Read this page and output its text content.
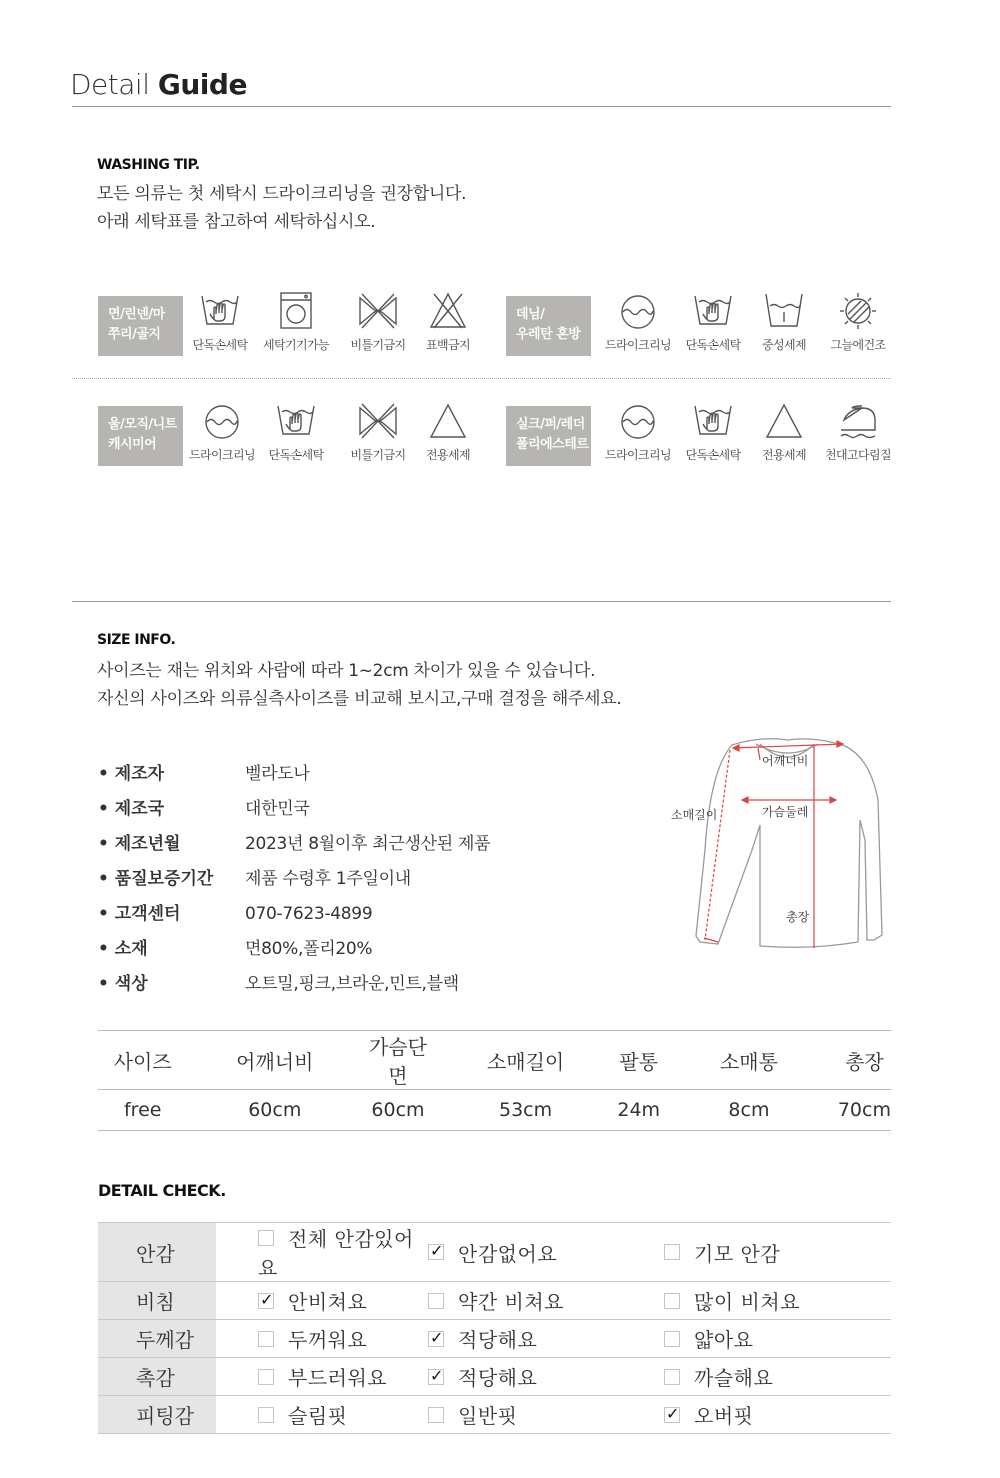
Detail Guide
WASHING TIP.
모든 의류는 첫 세탁시 드라이크리닝을 권장합니다.
아래 세탁표를 참고하여 세탁하십시오.
면/린넨/마
쭈리/골지
단독손세탁	세탁기기가능	비틀기금지	표백금지
데님/
우레탄 혼방
드라이크리닝	단독손세탁	중성세제	그늘에건조
울/모직/니트
캐시미어
드라이크리닝	단독손세탁	비틀기금지	전용세제
실크/퍼/레더
폴리에스테르
드라이크리닝	단독손세탁	전용세제	천대고다림질
SIZE INFO.
사이즈는 재는 위치와 사람에 따라 1~2cm 차이가 있을 수 있습니다.
자신의 사이즈와 의류실측사이즈를 비교해 보시고,구매 결정을 해주세요.
• 제조자	벨라도나
• 제조국	대한민국
• 제조년월	2023년 8월이후 최근생산된 제품
• 품질보증기간	제품 수령후 1주일이내
• 고객센터	070-7623-4899
• 소재	면80%,폴리20%
• 색상	오트밀,핑크,브라운,민트,블랙
어깨너비
소매길이	가슴둘레
총장
사이즈	어깨너비	가슴단면	소매길이	팔통	소매통	총장
free	60cm	60cm	53cm	24m	8cm	70cm
DETAIL CHECK.
안감	전체 안감있어요	✓안감없어요	기모 안감
비침	✓안비쳐요	약간 비쳐요	많이 비쳐요
두께감	두꺼워요	✓적당해요	얇아요
촉감	부드러워요	✓적당해요	까슬해요
피팅감	슬림핏	일반핏	✓오버핏
